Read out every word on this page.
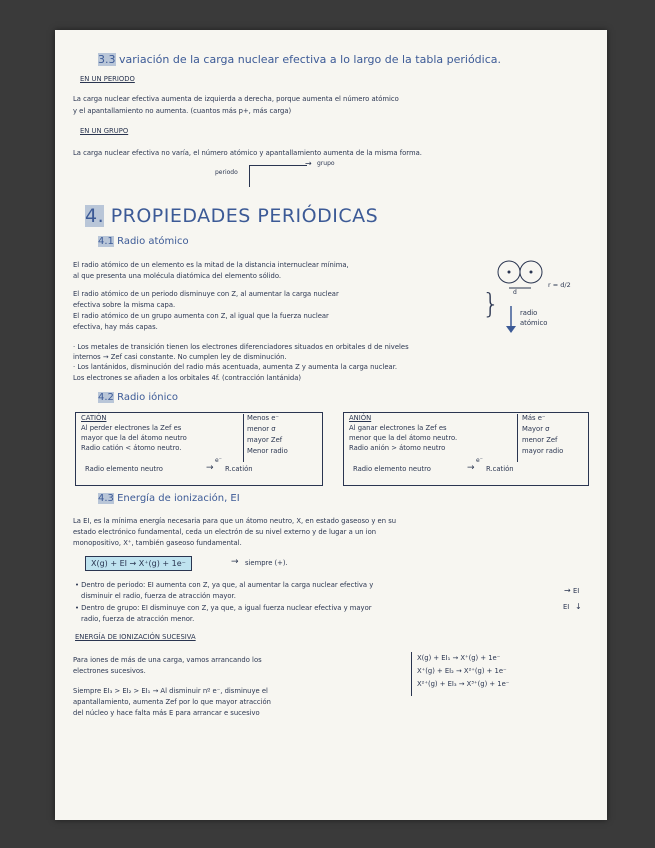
3.3 variación de la carga nuclear efectiva a lo largo de la tabla periódica.

EN UN PERIODO

La carga nuclear efectiva aumenta de izquierda a derecha, porque aumenta el número atómico

y el apantallamiento no aumenta. (cuantos más p+, más carga)

EN UN GRUPO

La carga nuclear efectiva no varía, el número atómico y apantallamiento aumenta de la misma forma.

→ grupo

periodo

4. PROPIEDADES PERIÓDICAS

4.1 Radio atómico

El radio atómico de un elemento es la mitad de la distancia internuclear mínima,

al que presenta una molécula diatómica del elemento sólido.

El radio atómico de un periodo disminuye con Z, al aumentar la carga nuclear

efectiva sobre la misma capa.

El radio atómico de un grupo aumenta con Z, al igual que la fuerza nuclear

efectiva, hay más capas.

d

r = d/2

}	radio

atómico

· Los metales de transición tienen los electrones diferenciadores situados en orbitales d de niveles

internos → Zef casi constante. No cumplen ley de disminución.

· Los lantánidos, disminución del radio más acentuada, aumenta Z y aumenta la carga nuclear.

Los electrones se añaden a los orbitales 4f. (contracción lantánida)

4.2 Radio iónico

CATIÓN

Al perder electrones la Zef es

mayor que la del átomo neutro

Radio catión < átomo neutro.

Menos e⁻

menor σ

mayor Zef

Menor radio

Radio elemento neutro	→

e⁻

R.catión

ANIÓN

Al ganar electrones la Zef es

menor que la del átomo neutro.

Radio anión > átomo neutro

Más e⁻

Mayor σ

menor Zef

mayor radio

Radio elemento neutro	→

e⁻

R.catión

4.3 Energía de ionización, EI

La EI, es la mínima energía necesaria para que un átomo neutro, X, en estado gaseoso y en su

estado electrónico fundamental, ceda un electrón de su nivel externo y de lugar a un ion

monopositivo, X⁺, también gaseoso fundamental.

X(g) + EI → X⁺(g) + 1e⁻	→ siempre (+).

• Dentro de periodo: EI aumenta con Z, ya que, al aumentar la carga nuclear efectiva y

disminuir el radio, fuerza de atracción mayor.

• Dentro de grupo: EI disminuye con Z, ya que, a igual fuerza nuclear efectiva y mayor

radio, fuerza de atracción menor.

EI

→

EI ↓

ENERGÍA DE IONIZACIÓN SUCESIVA

Para iones de más de una carga, vamos arrancando los

electrones sucesivos.

Siempre EI₃ > EI₂ > EI₁ → Al disminuir nº e⁻, disminuye el

apantallamiento, aumenta Zef por lo que mayor atracción

del núcleo y hace falta más E para arrancar e sucesivo

X(g) + EI₁ → X⁺(g) + 1e⁻

X⁺(g) + EI₂ → X²⁺(g) + 1e⁻

X²⁺(g) + EI₃ → X³⁺(g) + 1e⁻
